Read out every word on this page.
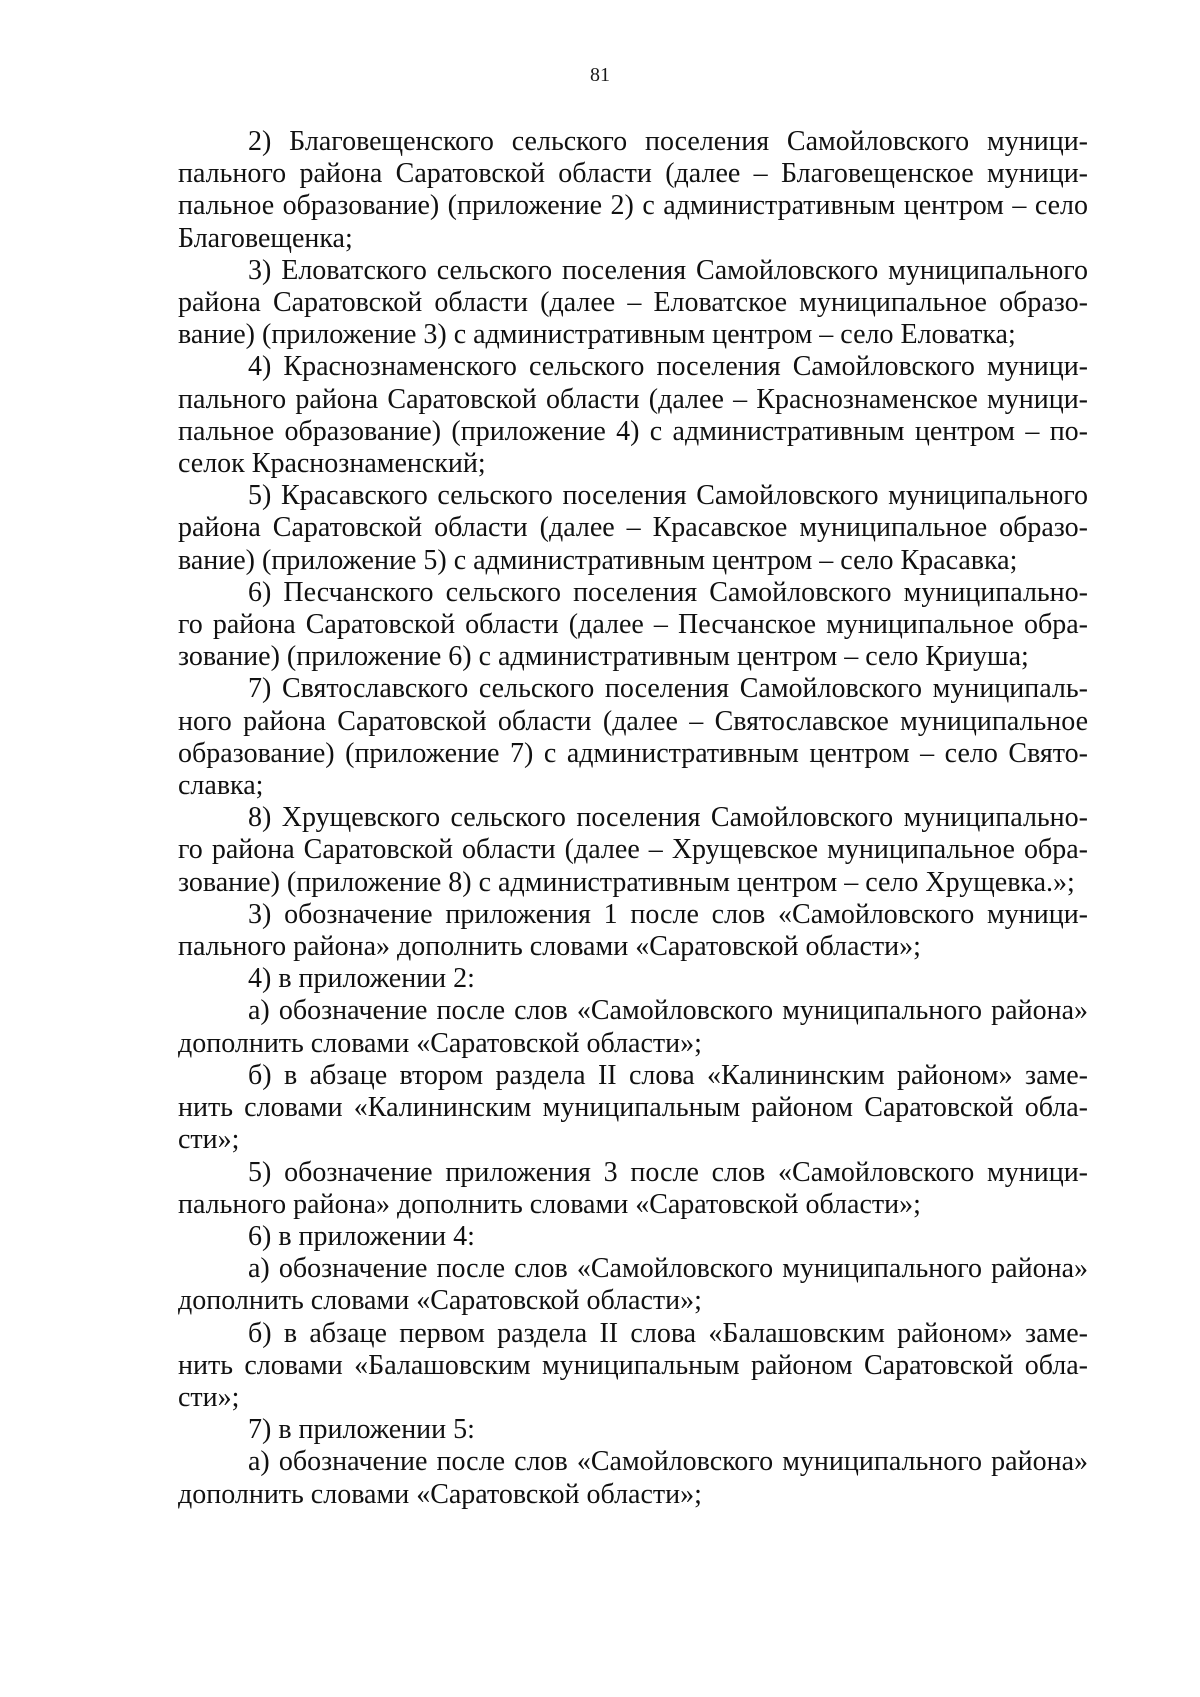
81
2) Благовещенского сельского поселения Самойловского муници-
пального района Саратовской области (далее – Благовещенское муници-
пальное образование) (приложение 2) с административным центром – село
Благовещенка;
3) Еловатского сельского поселения Самойловского муниципального
района Саратовской области (далее – Еловатское муниципальное образо-
вание) (приложение 3) с административным центром – село Еловатка;
4) Краснознаменского сельского поселения Самойловского муници-
пального района Саратовской области (далее – Краснознаменское муници-
пальное образование) (приложение 4) с административным центром – по-
селок Краснознаменский;
5) Красавского сельского поселения Самойловского муниципального
района Саратовской области (далее – Красавское муниципальное образо-
вание) (приложение 5) с административным центром – село Красавка;
6) Песчанского сельского поселения Самойловского муниципально-
го района Саратовской области (далее – Песчанское муниципальное обра-
зование) (приложение 6) с административным центром – село Криуша;
7) Святославского сельского поселения Самойловского муниципаль-
ного района Саратовской области (далее – Святославское муниципальное
образование) (приложение 7) с административным центром – село Свято-
славка;
8) Хрущевского сельского поселения Самойловского муниципально-
го района Саратовской области (далее – Хрущевское муниципальное обра-
зование) (приложение 8) с административным центром – село Хрущевка.»;
3) обозначение приложения 1 после слов «Самойловского муници-
пального района» дополнить словами «Саратовской области»;
4) в приложении 2:
а) обозначение после слов «Самойловского муниципального района»
дополнить словами «Саратовской области»;
б) в абзаце втором раздела II слова «Калининским районом» заме-
нить словами «Калининским муниципальным районом Саратовской обла-
сти»;
5) обозначение приложения 3 после слов «Самойловского муници-
пального района» дополнить словами «Саратовской области»;
6) в приложении 4:
а) обозначение после слов «Самойловского муниципального района»
дополнить словами «Саратовской области»;
б) в абзаце первом раздела II слова «Балашовским районом» заме-
нить словами «Балашовским муниципальным районом Саратовской обла-
сти»;
7) в приложении 5:
а) обозначение после слов «Самойловского муниципального района»
дополнить словами «Саратовской области»;
